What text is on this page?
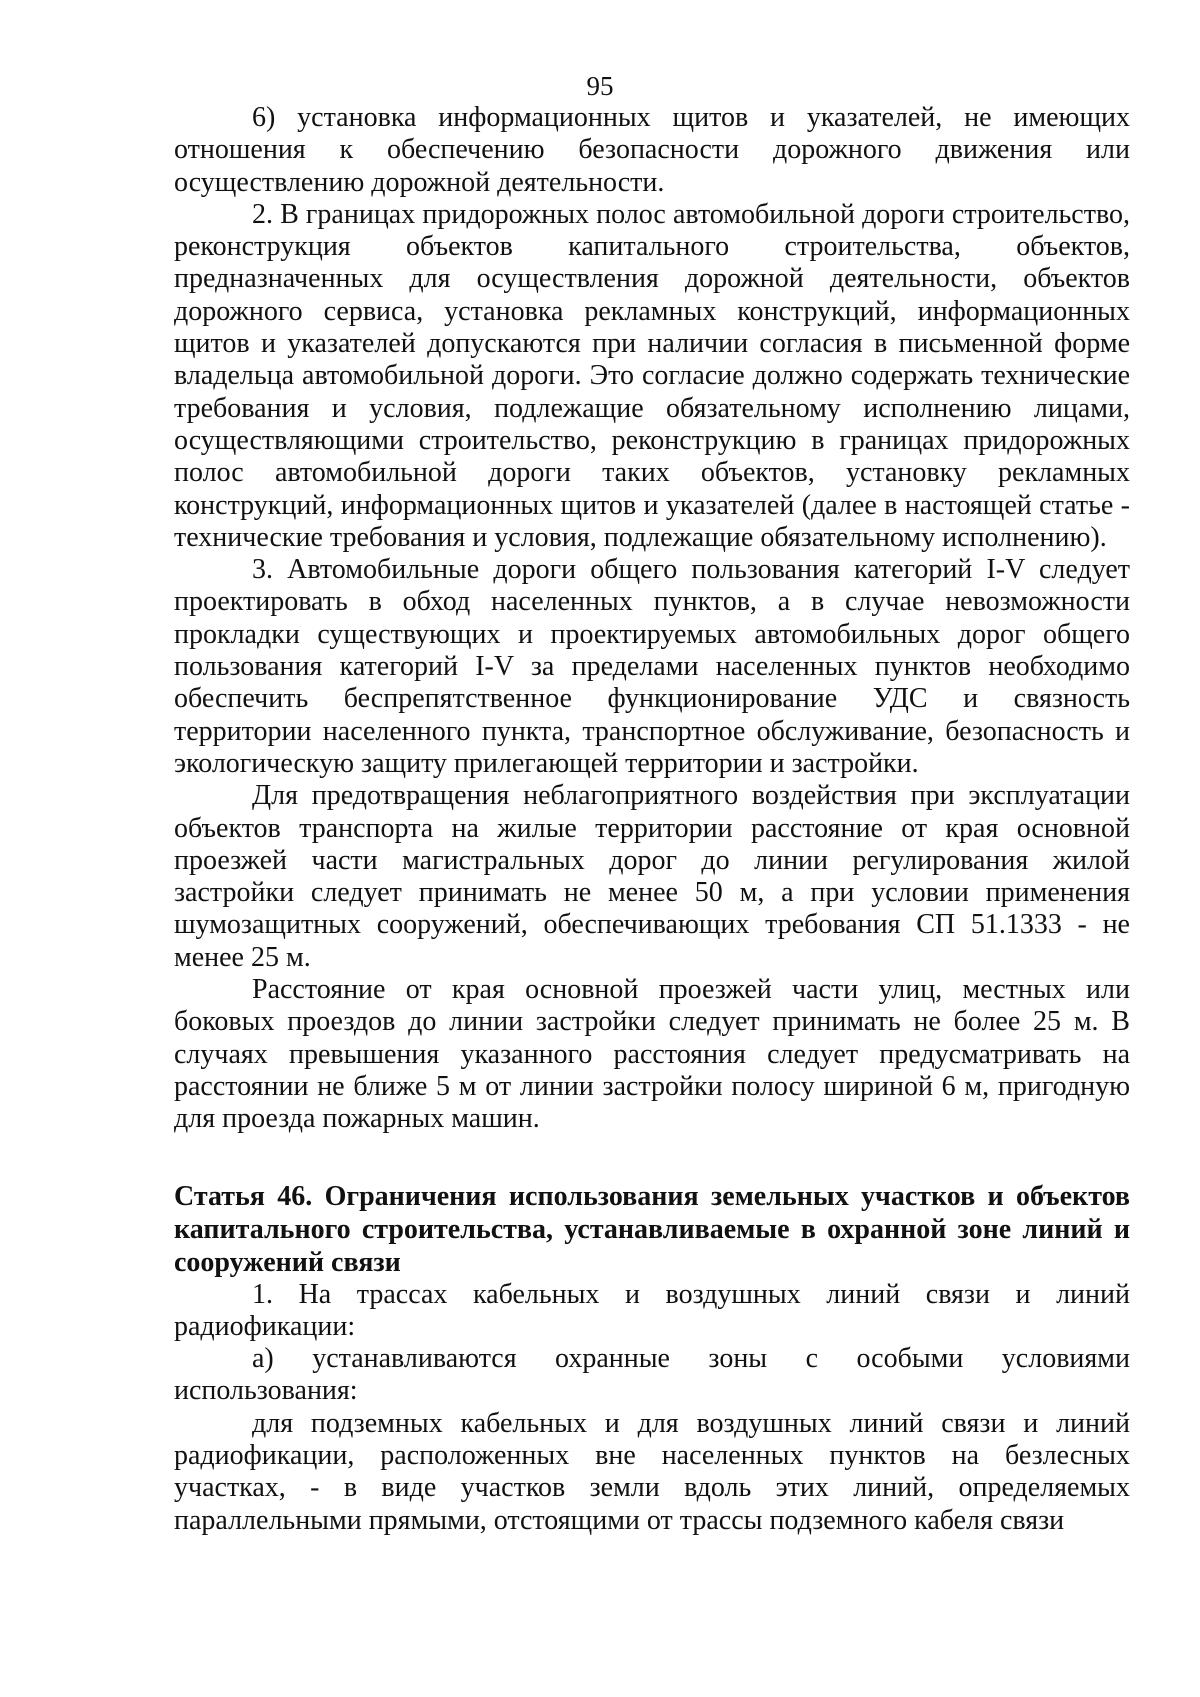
95

6) установка информационных щитов и указателей, не имеющих отношения к обеспечению безопасности дорожного движения или осуществлению дорожной деятельности.

2. В границах придорожных полос автомобильной дороги строительство, реконструкция объектов капитального строительства, объектов, предназначенных для осуществления дорожной деятельности, объектов дорожного сервиса, установка рекламных конструкций, информационных щитов и указателей допускаются при наличии согласия в письменной форме владельца автомобильной дороги. Это согласие должно содержать технические требования и условия, подлежащие обязательному исполнению лицами, осуществляющими строительство, реконструкцию в границах придорожных полос автомобильной дороги таких объектов, установку рекламных конструкций, информационных щитов и указателей (далее в настоящей статье - технические требования и условия, подлежащие обязательному исполнению).

3. Автомобильные дороги общего пользования категорий I-V следует проектировать в обход населенных пунктов, а в случае невозможности прокладки существующих и проектируемых автомобильных дорог общего пользования категорий I-V за пределами населенных пунктов необходимо обеспечить беспрепятственное функционирование УДС и связность территории населенного пункта, транспортное обслуживание, безопасность и экологическую защиту прилегающей территории и застройки.

Для предотвращения неблагоприятного воздействия при эксплуатации объектов транспорта на жилые территории расстояние от края основной проезжей части магистральных дорог до линии регулирования жилой застройки следует принимать не менее 50 м, а при условии применения шумозащитных сооружений, обеспечивающих требования СП 51.1333 - не менее 25 м.

Расстояние от края основной проезжей части улиц, местных или боковых проездов до линии застройки следует принимать не более 25 м. В случаях превышения указанного расстояния следует предусматривать на расстоянии не ближе 5 м от линии застройки полосу шириной 6 м, пригодную для проезда пожарных машин.

Статья 46. Ограничения использования земельных участков и объектов капитального строительства, устанавливаемые в охранной зоне линий и сооружений связи

1. На трассах кабельных и воздушных линий связи и линий радиофикации:

а) устанавливаются охранные зоны с особыми условиями использования:

для подземных кабельных и для воздушных линий связи и линий радиофикации, расположенных вне населенных пунктов на безлесных участках, - в виде участков земли вдоль этих линий, определяемых параллельными прямыми, отстоящими от трассы подземного кабеля связи
